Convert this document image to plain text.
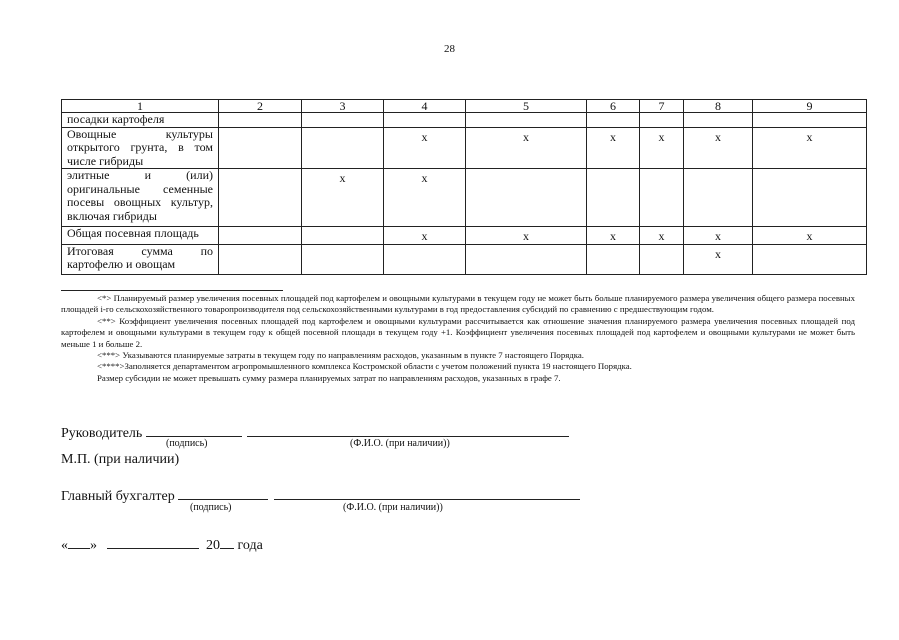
28
1	2	3	4	5	6	7	8	9
посадки картофеля								
Овощные культуры открытого грунта, в том числе гибриды			х	х	х	х	х	х
элитные и (или) оригинальные семенные посевы овощных культур, включая гибриды		х	х					
Общая посевная площадь			х	х	х	х	х	х
Итоговая сумма по картофелю и овощам							х	

<*> Планируемый размер увеличения посевных площадей под картофелем и овощными культурами в текущем году не может быть больше планируемого размера увеличения общего размера посевных площадей i-го сельскохозяйственного товаропроизводителя под сельскохозяйственными культурами в год предоставления субсидий по сравнению с предшествующим годом.

<**> Коэффициент увеличения посевных площадей под картофелем и овощными культурами рассчитывается как отношение значения планируемого размера увеличения посевных площадей под картофелем и овощными культурами в текущем году к общей посевной площади в текущем году +1. Коэффициент увеличения посевных площадей под картофелем и овощными культурами не может быть меньше 1 и больше 2.

<***> Указываются планируемые затраты в текущем году по направлениям расходов, указанным в пункте 7 настоящего Порядка.

<****>Заполняется департаментом агропромышленного комплекса Костромской области с учетом положений пункта 19 настоящего Порядка.

Размер субсидии не может превышать сумму размера планируемых затрат по направлениям расходов, указанных в графе 7.

Руководитель
(подпись)	(Ф.И.О. (при наличии))
М.П. (при наличии)
Главный бухгалтер
(подпись)	(Ф.И.О. (при наличии))
« »	20 года
